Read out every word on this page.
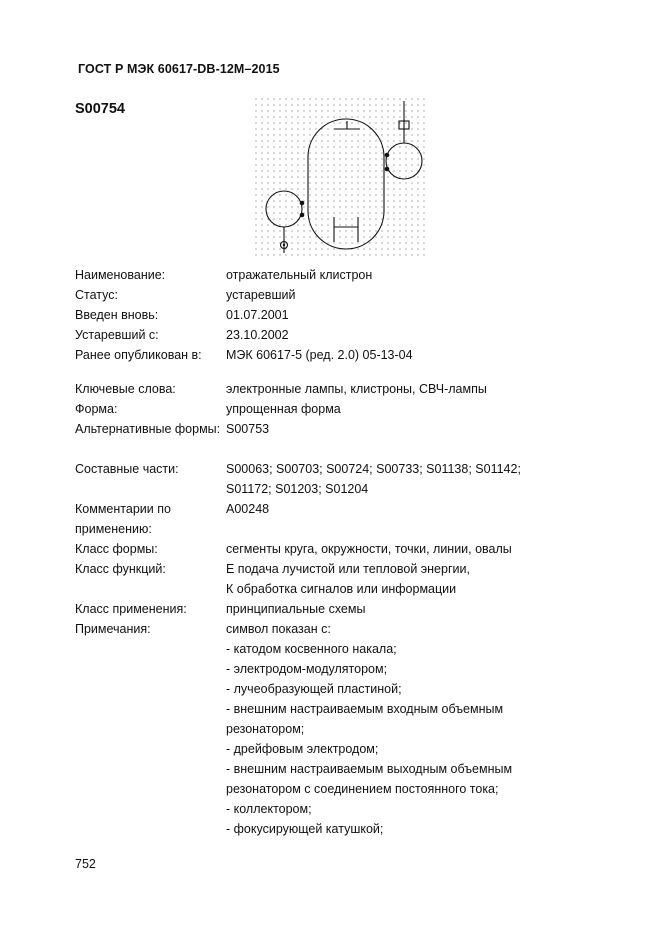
ГОСТ Р МЭК 60617-DB-12M–2015
S00754
Наименование:	отражательный клистрон
Статус:	устаревший
Введен вновь:	01.07.2001
Устаревший с:	23.10.2002
Ранее опубликован в:	МЭК 60617-5 (ред. 2.0) 05-13-04
Ключевые слова:	электронные лампы, клистроны, СВЧ-лампы
Форма:	упрощенная форма
Альтернативные формы: S00753
Составные части:	S00063; S00703; S00724; S00733; S01138; S01142;
S01172; S01203; S01204
Комментарии по применению:
A00248
Класс формы:	сегменты круга, окружности, точки, линии, овалы
Класс функций:	Е подача лучистой или тепловой энергии,
К обработка сигналов или информации
Класс применения:	принципиальные схемы
Примечания:	символ показан с:
- катодом косвенного накала;
- электродом-модулятором;
- лучеобразующей пластиной;
- внешним настраиваемым входным объемным
резонатором;
- дрейфовым электродом;
- внешним настраиваемым выходным объемным
резонатором с соединением постоянного тока;
- коллектором;
- фокусирующей катушкой;
752
